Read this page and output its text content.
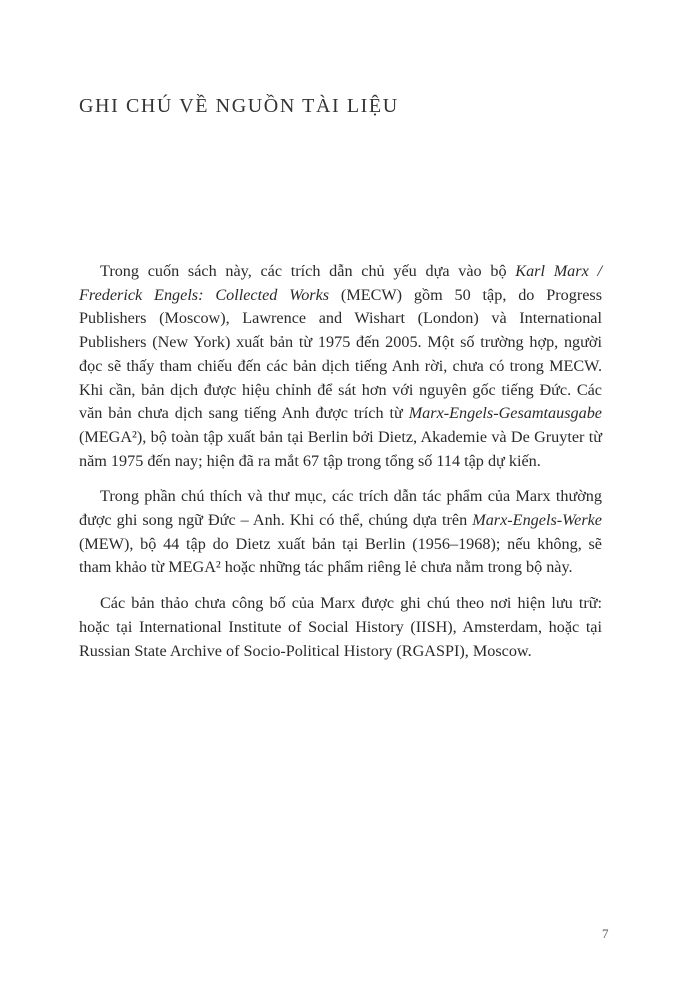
GHI CHÚ VỀ NGUỒN TÀI LIỆU

Trong cuốn sách này, các trích dẫn chủ yếu dựa vào bộ Karl Marx / Frederick Engels: Collected Works (MECW) gồm 50 tập, do Progress Publishers (Moscow), Lawrence and Wishart (London) và International Publishers (New York) xuất bản từ 1975 đến 2005. Một số trường hợp, người đọc sẽ thấy tham chiếu đến các bản dịch tiếng Anh rời, chưa có trong MECW. Khi cần, bản dịch được hiệu chỉnh để sát hơn với nguyên gốc tiếng Đức. Các văn bản chưa dịch sang tiếng Anh được trích từ Marx-Engels-Gesamtausgabe (MEGA²), bộ toàn tập xuất bản tại Berlin bởi Dietz, Akademie và De Gruyter từ năm 1975 đến nay; hiện đã ra mắt 67 tập trong tổng số 114 tập dự kiến.

Trong phần chú thích và thư mục, các trích dẫn tác phẩm của Marx thường được ghi song ngữ Đức – Anh. Khi có thể, chúng dựa trên Marx-Engels-Werke (MEW), bộ 44 tập do Dietz xuất bản tại Berlin (1956–1968); nếu không, sẽ tham khảo từ MEGA² hoặc những tác phẩm riêng lẻ chưa nằm trong bộ này.

Các bản thảo chưa công bố của Marx được ghi chú theo nơi hiện lưu trữ: hoặc tại International Institute of Social History (IISH), Amsterdam, hoặc tại Russian State Archive of Socio-Political History (RGASPI), Moscow.

7
